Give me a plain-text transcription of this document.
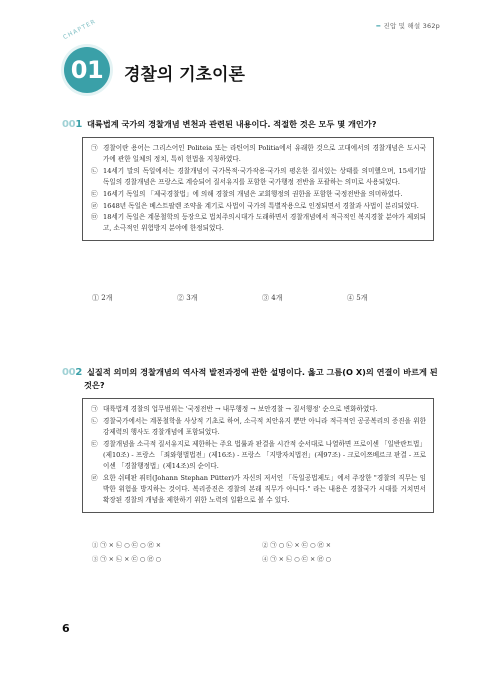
━ 진압 및 해설 362p
CHAPTER
01	경찰의 기초이론
001 대륙법계 국가의 경찰개념 변천과 관련된 내용이다. 적절한 것은 모두 몇 개인가?
㉠ 경찰이란 용어는 그리스어인 Politeia 또는 라틴어의 Politia에서 유래한 것으로 고대에서의 경찰개념은 도시국가에 관한 일체의 정치, 특히 헌법을 지칭하였다.
㉡ 14세기 말의 독일에서는 경찰개념이 국가목적·국가작용·국가의 평온한 질서있는 상태를 의미했으며, 15세기말 독일의 경찰개념은 프랑스로 계승되어 질서유지를 포함한 국가행정 전반을 포괄하는 의미로 사용되었다.
㉢ 16세기 독일의 「제국경찰법」에 의해 경찰의 개념은 교회행정의 권한을 포함한 국정전반을 의미하였다.
㉣ 1648년 독일은 베스트팔렌 조약을 계기로 사법이 국가의 특별작용으로 인정되면서 경찰과 사법이 분리되었다.
㉤ 18세기 독일은 계몽철학의 등장으로 법치주의시대가 도래하면서 경찰개념에서 적극적인 복지경찰 분야가 제외되고, 소극적인 위험방지 분야에 한정되었다.
① 2개	② 3개	③ 4개	④ 5개
002 실질적 의미의 경찰개념의 역사적 발전과정에 관한 설명이다. 옳고 그름(O X)의 연결이 바르게 된
것은?
㉠ 대륙법계 경찰의 업무범위는 '국정전반 → 내무행정 → 보안경찰 → 질서행정' 순으로 변화하였다.
㉡ 경찰국가에서는 계몽철학을 사상적 기초로 하여, 소극적 치안유지 뿐만 아니라 적극적인 공공복리의 증진을 위한 강제력의 행사도 경찰개념에 포함되었다.
㉢ 경찰개념을 소극적 질서유지로 제한하는 주요 법률과 판결을 시간적 순서대로 나열하면 프로이센 「일반란트법」(제10조) - 프랑스 「죄와형벌법전」(제16조) - 프랑스 「지방자치법전」(제97조) - 크로이쯔베르크 판결 - 프로이센 「경찰행정법」(제14조)의 순이다.
㉣ 요한 쉬테판 퓌터(Johann Stephan Pütter)가 자신의 저서인 「독일공법제도」에서 주장한 "경찰의 직무는 임박한 위험을 방지하는 것이다. 복리증진은 경찰의 본래 직무가 아니다." 라는 내용은 경찰국가 시대를 거치면서 확장된 경찰의 개념을 제한하기 위한 노력의 일환으로 볼 수 있다.
① ㉠ × ㉡ ○ ㉢ ○ ㉣ ×	② ㉠ ○ ㉡ × ㉢ ○ ㉣ ×
③ ㉠ × ㉡ × ㉢ ○ ㉣ ○	④ ㉠ × ㉡ ○ ㉢ × ㉣ ○
6
